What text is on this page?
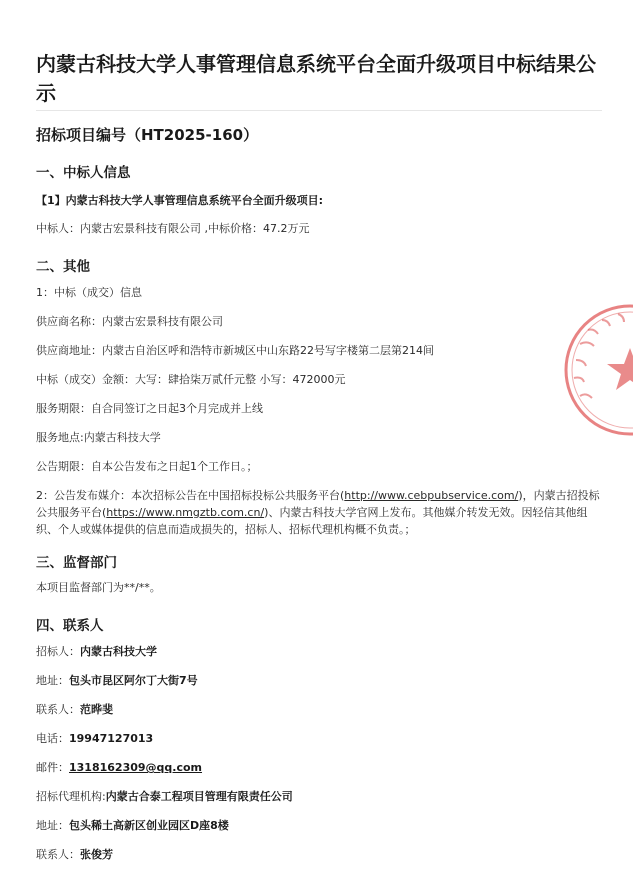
内蒙古科技大学人事管理信息系统平台全面升级项目中标结果公示
招标项目编号（HT2025-160）
一、中标人信息
【1】内蒙古科技大学人事管理信息系统平台全面升级项目:
中标人：内蒙古宏景科技有限公司 ,中标价格：47.2万元
二、其他
1：中标（成交）信息
供应商名称：内蒙古宏景科技有限公司
供应商地址：内蒙古自治区呼和浩特市新城区中山东路22号写字楼第二层第214间
中标（成交）金额：大写：肆拾柒万贰仟元整 小写：472000元
服务期限：自合同签订之日起3个月完成并上线
服务地点:内蒙古科技大学
公告期限：自本公告发布之日起1个工作日。；
2：公告发布媒介：本次招标公告在中国招标投标公共服务平台(http://www.cebpubservice.com/)，内蒙古招投标公共服务平台(https://www.nmgztb.com.cn/)、内蒙古科技大学官网上发布。其他媒介转发无效。因轻信其他组织、个人或媒体提供的信息而造成损失的，招标人、招标代理机构概不负责。；
三、监督部门
本项目监督部门为**/**。
四、联系人
招标人：内蒙古科技大学
地址：包头市昆区阿尔丁大街7号
联系人：范晔斐
电话：19947127013
邮件：1318162309@qq.com
招标代理机构:内蒙古合泰工程项目管理有限责任公司
地址：包头稀土高新区创业园区D座8楼
联系人：张俊芳
